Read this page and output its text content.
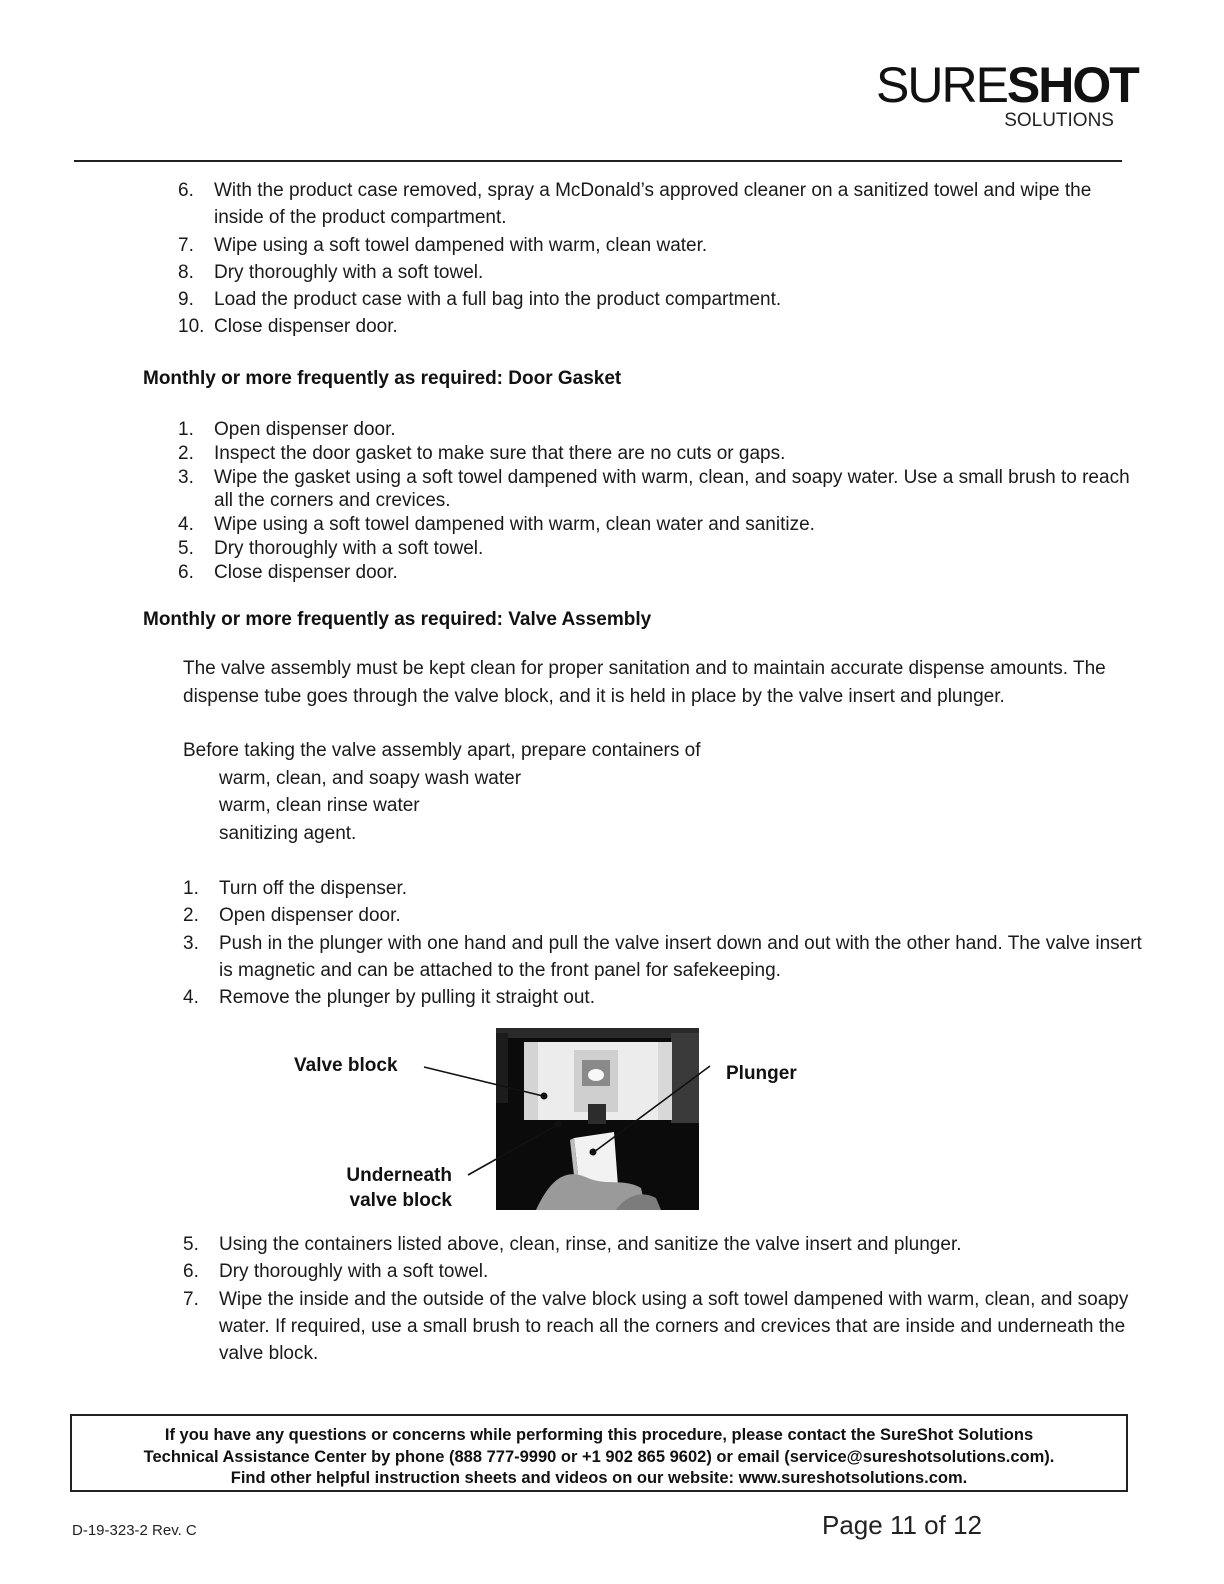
SURESHOT
SOLUTIONS
6. With the product case removed, spray a McDonald’s approved cleaner on a sanitized towel and wipe the inside of the product compartment.
7. Wipe using a soft towel dampened with warm, clean water.
8. Dry thoroughly with a soft towel.
9. Load the product case with a full bag into the product compartment.
10. Close dispenser door.
Monthly or more frequently as required: Door Gasket
1. Open dispenser door.
2. Inspect the door gasket to make sure that there are no cuts or gaps.
3. Wipe the gasket using a soft towel dampened with warm, clean, and soapy water. Use a small brush to reach all the corners and crevices.
4. Wipe using a soft towel dampened with warm, clean water and sanitize.
5. Dry thoroughly with a soft towel.
6. Close dispenser door.
Monthly or more frequently as required: Valve Assembly
The valve assembly must be kept clean for proper sanitation and to maintain accurate dispense amounts. The dispense tube goes through the valve block, and it is held in place by the valve insert and plunger.
Before taking the valve assembly apart, prepare containers of
warm, clean, and soapy wash water
warm, clean rinse water
sanitizing agent.
1. Turn off the dispenser.
2. Open dispenser door.
3. Push in the plunger with one hand and pull the valve insert down and out with the other hand. The valve insert is magnetic and can be attached to the front panel for safekeeping.
4. Remove the plunger by pulling it straight out.
Valve block	Plunger
Underneath
valve block
5. Using the containers listed above, clean, rinse, and sanitize the valve insert and plunger.
6. Dry thoroughly with a soft towel.
7. Wipe the inside and the outside of the valve block using a soft towel dampened with warm, clean, and soapy water. If required, use a small brush to reach all the corners and crevices that are inside and underneath the valve block.
If you have any questions or concerns while performing this procedure, please contact the SureShot Solutions
Technical Assistance Center by phone (888 777-9990 or +1 902 865 9602) or email (service@sureshotsolutions.com).
Find other helpful instruction sheets and videos on our website: www.sureshotsolutions.com.
D-19-323-2 Rev. C	Page 11 of 12
